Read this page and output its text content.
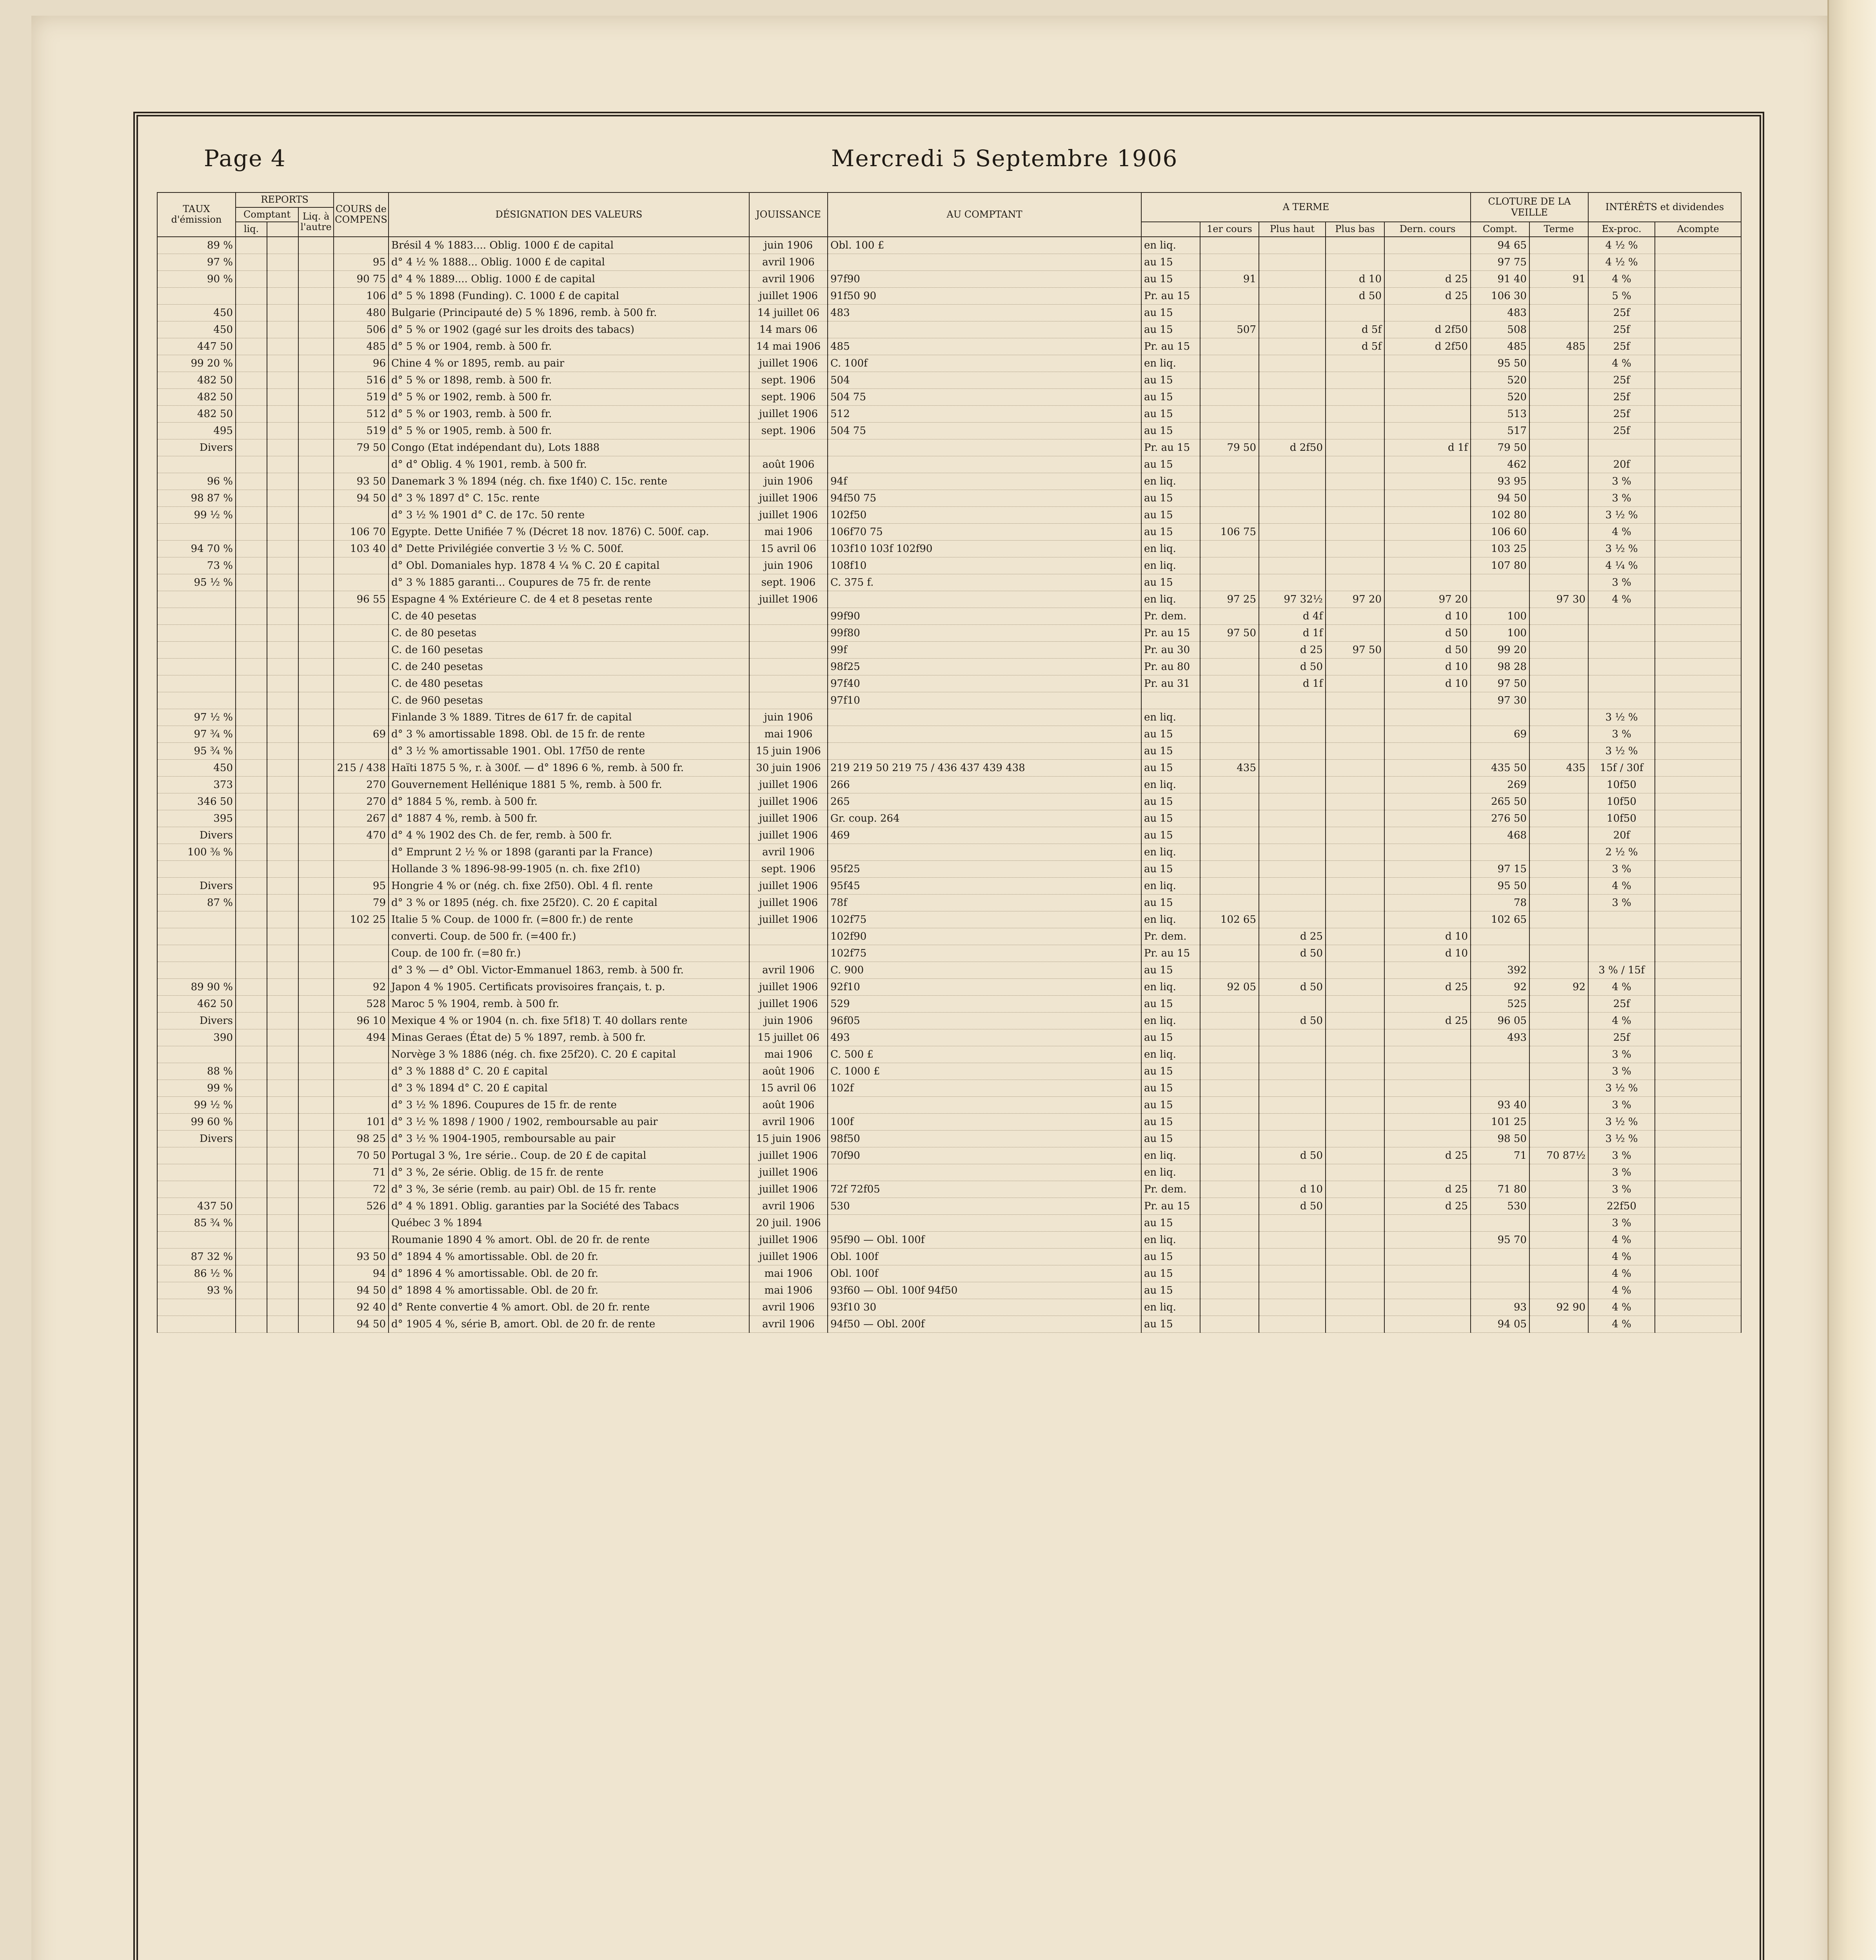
Page 4	Mercredi 5 Septembre 1906
TAUX d'émission	REPORTS			COURS de COMPENS	DÉSIGNATION DES VALEURS	JOUISSANCE	AU COMPTANT	A TERME					CLOTURE DE LA VEILLE		INTÉRÊTS et dividendes	
	Comptant		Liq. à l'autre													
	liq.								1er cours	Plus haut	Plus bas	Dern. cours	Compt.	Terme	Ex-proc.	Acompte
89 %					Brésil 4 % 1883.... Oblig. 1000 £ de capital	juin 1906	Obl. 100 £	en liq.					94 65		4 ½ %	
97 %				95	d° 4 ½ % 1888... Oblig. 1000 £ de capital	avril 1906		au 15					97 75		4 ½ %	
90 %				90 75	d° 4 % 1889.... Oblig. 1000 £ de capital	avril 1906	97f90	au 15	91		d 10	d 25	91 40	91	4 %	
				106	d° 5 % 1898 (Funding). C. 1000 £ de capital	juillet 1906	91f50 90	Pr. au 15			d 50	d 25	106 30		5 %	
450				480	Bulgarie (Principauté de) 5 % 1896, remb. à 500 fr.	14 juillet 06	483	au 15					483		25f	
450				506	d° 5 % or 1902 (gagé sur les droits des tabacs)	14 mars 06		au 15	507		d 5f	d 2f50	508		25f	
447 50				485	d° 5 % or 1904, remb. à 500 fr.	14 mai 1906	485	Pr. au 15			d 5f	d 2f50	485	485	25f	
99 20 %				96	Chine 4 % or 1895, remb. au pair	juillet 1906	C. 100f	en liq.					95 50		4 %	
482 50				516	d° 5 % or 1898, remb. à 500 fr.	sept. 1906	504	au 15					520		25f	
482 50				519	d° 5 % or 1902, remb. à 500 fr.	sept. 1906	504 75	au 15					520		25f	
482 50				512	d° 5 % or 1903, remb. à 500 fr.	juillet 1906	512	au 15					513		25f	
495				519	d° 5 % or 1905, remb. à 500 fr.	sept. 1906	504 75	au 15					517		25f	
Divers				79 50	Congo (Etat indépendant du), Lots 1888			Pr. au 15	79 50	d 2f50		d 1f	79 50			
					d° d° Oblig. 4 % 1901, remb. à 500 fr.	août 1906		au 15					462		20f	
96 %				93 50	Danemark 3 % 1894 (nég. ch. fixe 1f40) C. 15c. rente	juin 1906	94f	en liq.					93 95		3 %	
98 87 %				94 50	d° 3 % 1897 d° C. 15c. rente	juillet 1906	94f50 75	au 15					94 50		3 %	
99 ½ %					d° 3 ½ % 1901 d° C. de 17c. 50 rente	juillet 1906	102f50	au 15					102 80		3 ½ %	
				106 70	Egypte. Dette Unifiée 7 % (Décret 18 nov. 1876) C. 500f. cap.	mai 1906	106f70 75	au 15	106 75				106 60		4 %	
94 70 %				103 40	d° Dette Privilégiée convertie 3 ½ % C. 500f.	15 avril 06	103f10 103f 102f90	en liq.					103 25		3 ½ %	
73 %					d° Obl. Domaniales hyp. 1878 4 ¼ % C. 20 £ capital	juin 1906	108f10	en liq.					107 80		4 ¼ %	
95 ½ %					d° 3 % 1885 garanti... Coupures de 75 fr. de rente	sept. 1906	C. 375 f.	au 15							3 %	
				96 55	Espagne 4 % Extérieure C. de 4 et 8 pesetas rente	juillet 1906		en liq.	97 25	97 32½	97 20	97 20		97 30	4 %	
					C. de 40 pesetas		99f90	Pr. dem.		d 4f		d 10	100			
					C. de 80 pesetas		99f80	Pr. au 15	97 50	d 1f		d 50	100			
					C. de 160 pesetas		99f	Pr. au 30		d 25	97 50	d 50	99 20			
					C. de 240 pesetas		98f25	Pr. au 80		d 50		d 10	98 28			
					C. de 480 pesetas		97f40	Pr. au 31		d 1f		d 10	97 50			
					C. de 960 pesetas		97f10						97 30			
97 ½ %					Finlande 3 % 1889. Titres de 617 fr. de capital	juin 1906		en liq.							3 ½ %	
97 ¾ %				69	d° 3 % amortissable 1898. Obl. de 15 fr. de rente	mai 1906		au 15					69		3 %	
95 ¾ %					d° 3 ½ % amortissable 1901. Obl. 17f50 de rente	15 juin 1906		au 15							3 ½ %	
450				215 / 438	Haïti 1875 5 %, r. à 300f. — d° 1896 6 %, remb. à 500 fr.	30 juin 1906	219 219 50 219 75 / 436 437 439 438	au 15	435				435 50	435	15f / 30f	
373				270	Gouvernement Hellénique 1881 5 %, remb. à 500 fr.	juillet 1906	266	en liq.					269		10f50	
346 50				270	d° 1884 5 %, remb. à 500 fr.	juillet 1906	265	au 15					265 50		10f50	
395				267	d° 1887 4 %, remb. à 500 fr.	juillet 1906	Gr. coup. 264	au 15					276 50		10f50	
Divers				470	d° 4 % 1902 des Ch. de fer, remb. à 500 fr.	juillet 1906	469	au 15					468		20f	
100 ⅜ %					d° Emprunt 2 ½ % or 1898 (garanti par la France)	avril 1906		en liq.							2 ½ %	
					Hollande 3 % 1896-98-99-1905 (n. ch. fixe 2f10)	sept. 1906	95f25	au 15					97 15		3 %	
Divers				95	Hongrie 4 % or (nég. ch. fixe 2f50). Obl. 4 fl. rente	juillet 1906	95f45	en liq.					95 50		4 %	
87 %				79	d° 3 % or 1895 (nég. ch. fixe 25f20). C. 20 £ capital	juillet 1906	78f	au 15					78		3 %	
				102 25	Italie 5 % Coup. de 1000 fr. (=800 fr.) de rente	juillet 1906	102f75	en liq.	102 65				102 65			
					converti. Coup. de 500 fr. (=400 fr.)		102f90	Pr. dem.		d 25		d 10				
					Coup. de 100 fr. (=80 fr.)		102f75	Pr. au 15		d 50		d 10				
					d° 3 % — d° Obl. Victor-Emmanuel 1863, remb. à 500 fr.	avril 1906	C. 900	au 15					392		3 % / 15f	
89 90 %				92	Japon 4 % 1905. Certificats provisoires français, t. p.	juillet 1906	92f10	en liq.	92 05	d 50		d 25	92	92	4 %	
462 50				528	Maroc 5 % 1904, remb. à 500 fr.	juillet 1906	529	au 15					525		25f	
Divers				96 10	Mexique 4 % or 1904 (n. ch. fixe 5f18) T. 40 dollars rente	juin 1906	96f05	en liq.		d 50		d 25	96 05		4 %	
390				494	Minas Geraes (État de) 5 % 1897, remb. à 500 fr.	15 juillet 06	493	au 15					493		25f	
					Norvège 3 % 1886 (nég. ch. fixe 25f20). C. 20 £ capital	mai 1906	C. 500 £	en liq.							3 %	
88 %					d° 3 % 1888 d° C. 20 £ capital	août 1906	C. 1000 £	au 15							3 %	
99 %					d° 3 % 1894 d° C. 20 £ capital	15 avril 06	102f	au 15							3 ½ %	
99 ½ %					d° 3 ½ % 1896. Coupures de 15 fr. de rente	août 1906		au 15					93 40		3 %	
99 60 %				101	d° 3 ½ % 1898 / 1900 / 1902, remboursable au pair	avril 1906	100f	au 15					101 25		3 ½ %	
Divers				98 25	d° 3 ½ % 1904-1905, remboursable au pair	15 juin 1906	98f50	au 15					98 50		3 ½ %	
				70 50	Portugal 3 %, 1re série.. Coup. de 20 £ de capital	juillet 1906	70f90	en liq.		d 50		d 25	71	70 87½	3 %	
				71	d° 3 %, 2e série. Oblig. de 15 fr. de rente	juillet 1906		en liq.							3 %	
				72	d° 3 %, 3e série (remb. au pair) Obl. de 15 fr. rente	juillet 1906	72f 72f05	Pr. dem.		d 10		d 25	71 80		3 %	
437 50				526	d° 4 % 1891. Oblig. garanties par la Société des Tabacs	avril 1906	530	Pr. au 15		d 50		d 25	530		22f50	
85 ¾ %					Québec 3 % 1894	20 juil. 1906		au 15							3 %	
					Roumanie 1890 4 % amort. Obl. de 20 fr. de rente	juillet 1906	95f90 — Obl. 100f	en liq.					95 70		4 %	
87 32 %				93 50	d° 1894 4 % amortissable. Obl. de 20 fr.	juillet 1906	Obl. 100f	au 15							4 %	
86 ½ %				94	d° 1896 4 % amortissable. Obl. de 20 fr.	mai 1906	Obl. 100f	au 15							4 %	
93 %				94 50	d° 1898 4 % amortissable. Obl. de 20 fr.	mai 1906	93f60 — Obl. 100f 94f50	au 15							4 %	
				92 40	d° Rente convertie 4 % amort. Obl. de 20 fr. rente	avril 1906	93f10 30	en liq.					93	92 90	4 %	
				94 50	d° 1905 4 %, série B, amort. Obl. de 20 fr. de rente	avril 1906	94f50 — Obl. 200f	au 15					94 05		4 %	
